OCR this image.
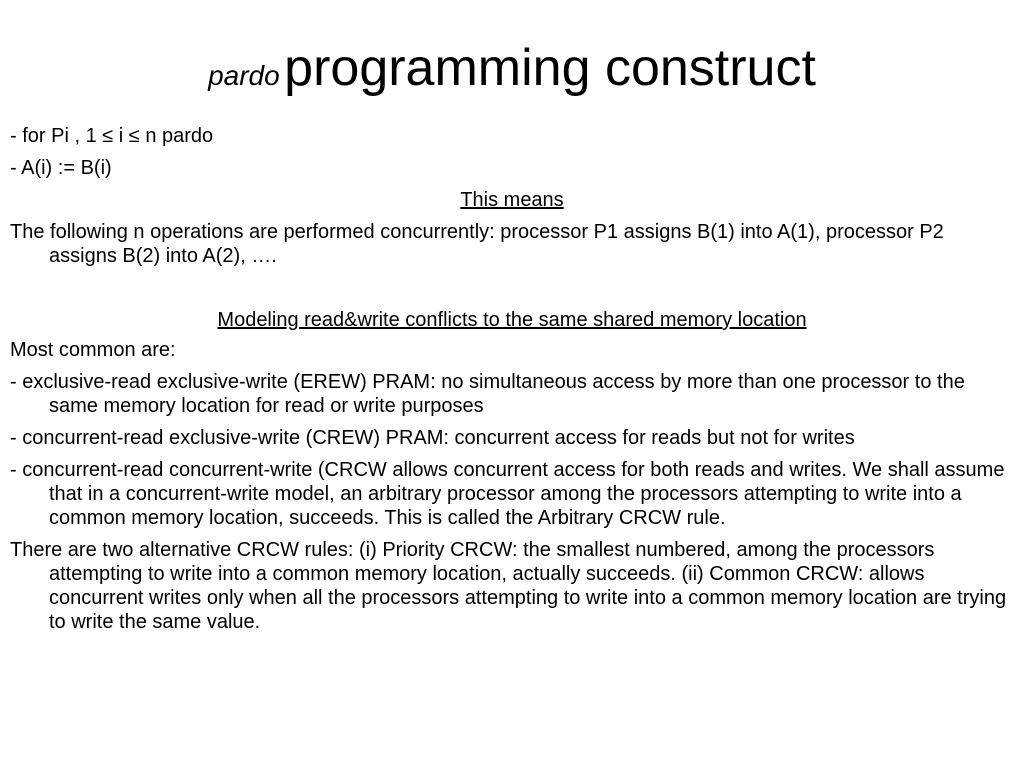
pardo programming construct
- for Pi , 1 ≤ i ≤ n pardo
- A(i) := B(i)
This means
The following n operations are performed concurrently: processor P1 assigns B(1) into A(1), processor P2 assigns B(2) into A(2), ….
Modeling read&write conflicts to the same shared memory location
Most common are:
- exclusive-read exclusive-write (EREW) PRAM: no simultaneous access by more than one processor to the same memory location for read or write purposes
- concurrent-read exclusive-write (CREW) PRAM: concurrent access for reads but not for writes
- concurrent-read concurrent-write (CRCW allows concurrent access for both reads and writes. We shall assume that in a concurrent-write model, an arbitrary processor among the processors attempting to write into a common memory location, succeeds. This is called the Arbitrary CRCW rule.
There are two alternative CRCW rules: (i) Priority CRCW: the smallest numbered, among the processors attempting to write into a common memory location, actually succeeds. (ii) Common CRCW: allows concurrent writes only when all the processors attempting to write into a common memory location are trying to write the same value.
